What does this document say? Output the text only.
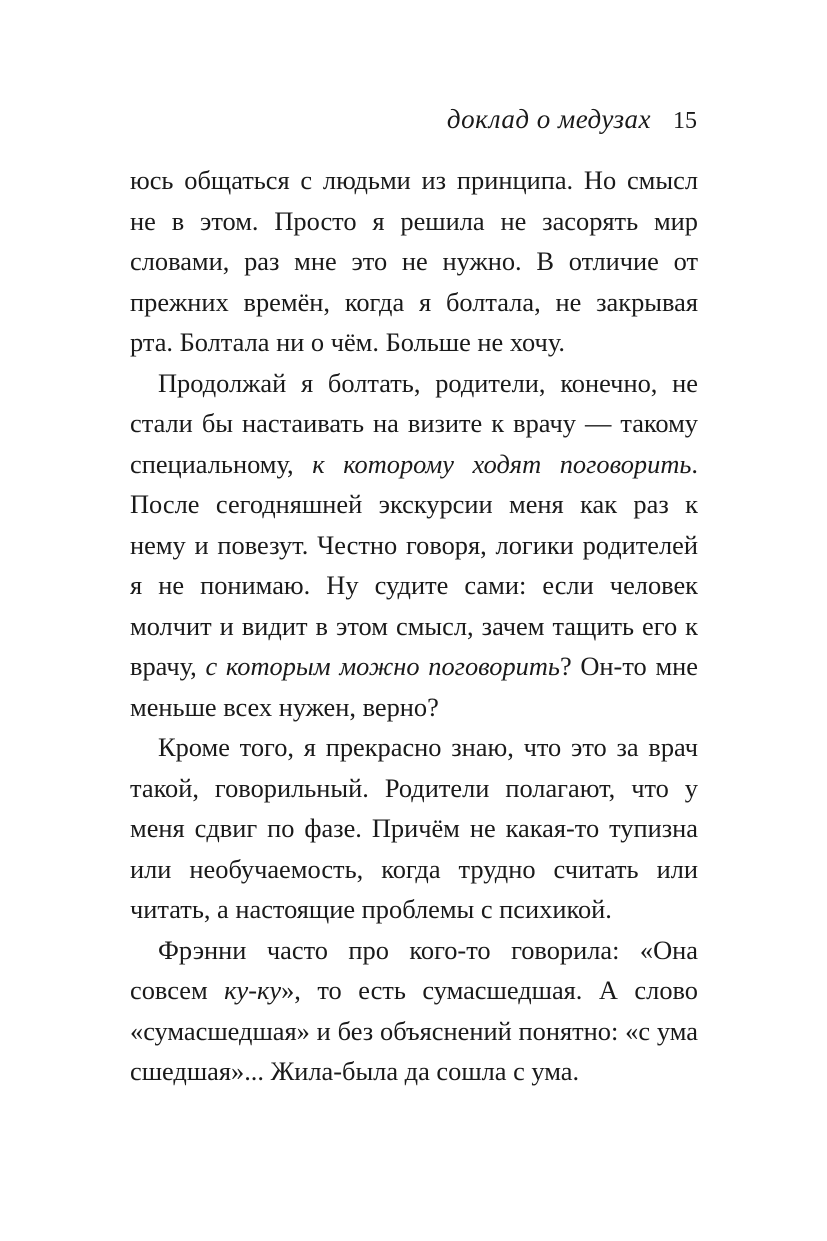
доклад о медузах 15

юсь общаться с людьми из принципа. Но смысл не в этом. Просто я решила не засорять мир словами, раз мне это не нужно. В отличие от прежних времён, когда я болтала, не закрывая рта. Болтала ни о чём. Больше не хочу.

Продолжай я болтать, родители, конечно, не стали бы настаивать на визите к врачу — такому специальному, к которому ходят поговорить. После сегодняшней экскурсии меня как раз к нему и повезут. Честно говоря, логики родителей я не понимаю. Ну судите сами: если человек молчит и видит в этом смысл, зачем тащить его к врачу, с которым можно поговорить? Он-то мне меньше всех нужен, верно?

Кроме того, я прекрасно знаю, что это за врач такой, говорильный. Родители полагают, что у меня сдвиг по фазе. Причём не какая-то тупизна или необучаемость, когда трудно считать или читать, а настоящие проблемы с психикой.

Фрэнни часто про кого-то говорила: «Она совсем ку-ку», то есть сумасшедшая. А слово «сумасшедшая» и без объяснений понятно: «с ума сшедшая»... Жила-была да сошла с ума.
